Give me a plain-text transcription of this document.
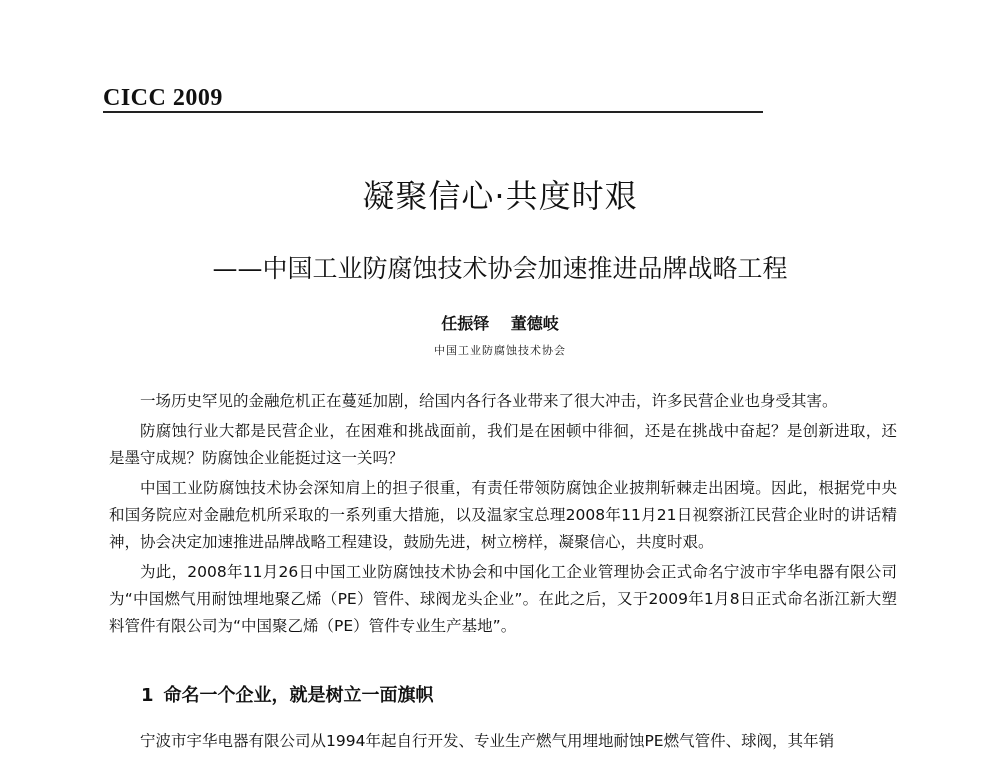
CICC 2009
凝聚信心·共度时艰
——中国工业防腐蚀技术协会加速推进品牌战略工程
任振铎 董德岐
中国工业防腐蚀技术协会

一场历史罕见的金融危机正在蔓延加剧，给国内各行各业带来了很大冲击，许多民营企业也身受其害。

防腐蚀行业大都是民营企业，在困难和挑战面前，我们是在困顿中徘徊，还是在挑战中奋起？是创新进取，还是墨守成规？防腐蚀企业能挺过这一关吗？

中国工业防腐蚀技术协会深知肩上的担子很重，有责任带领防腐蚀企业披荆斩棘走出困境。因此，根据党中央和国务院应对金融危机所采取的一系列重大措施，以及温家宝总理2008年11月21日视察浙江民营企业时的讲话精神，协会决定加速推进品牌战略工程建设，鼓励先进，树立榜样，凝聚信心，共度时艰。

为此，2008年11月26日中国工业防腐蚀技术协会和中国化工企业管理协会正式命名宁波市宇华电器有限公司为“中国燃气用耐蚀埋地聚乙烯（PE）管件、球阀龙头企业”。在此之后，又于2009年1月8日正式命名浙江新大塑料管件有限公司为“中国聚乙烯（PE）管件专业生产基地”。

1 命名一个企业，就是树立一面旗帜
宁波市宇华电器有限公司从1994年起自行开发、专业生产燃气用埋地耐蚀PE燃气管件、球阀，其年销
